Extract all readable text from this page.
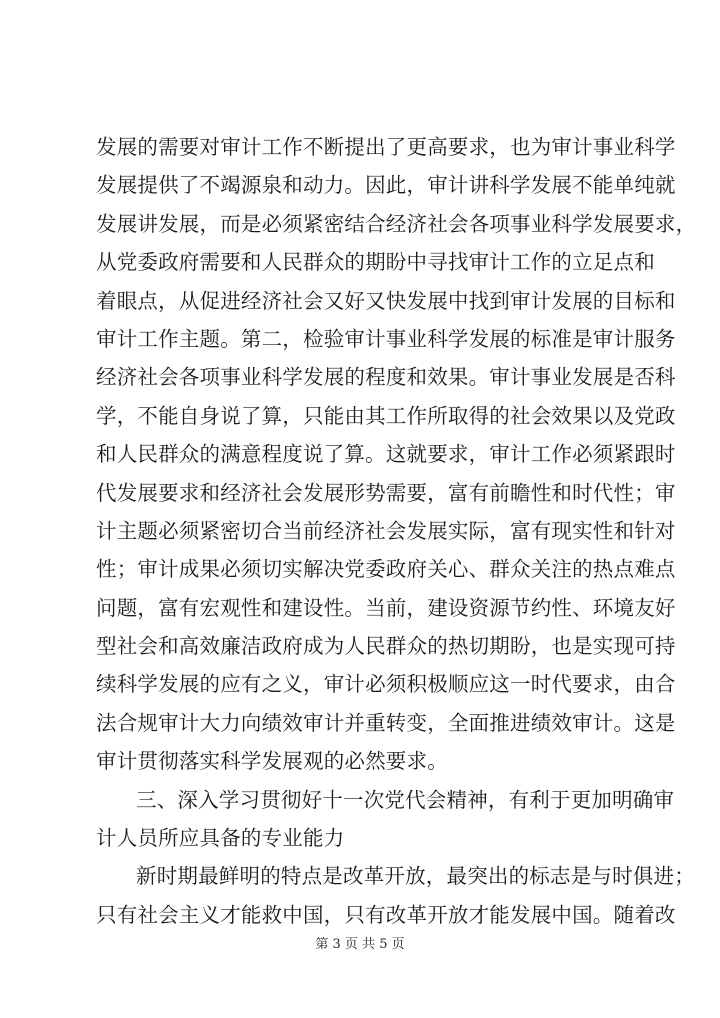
发展的需要对审计工作不断提出了更高要求，也为审计事业科学
发展提供了不竭源泉和动力。因此，审计讲科学发展不能单纯就
发展讲发展，而是必须紧密结合经济社会各项事业科学发展要求，
从党委政府需要和人民群众的期盼中寻找审计工作的立足点和
着眼点，从促进经济社会又好又快发展中找到审计发展的目标和
审计工作主题。第二，检验审计事业科学发展的标准是审计服务
经济社会各项事业科学发展的程度和效果。审计事业发展是否科
学，不能自身说了算，只能由其工作所取得的社会效果以及党政
和人民群众的满意程度说了算。这就要求，审计工作必须紧跟时
代发展要求和经济社会发展形势需要，富有前瞻性和时代性；审
计主题必须紧密切合当前经济社会发展实际，富有现实性和针对
性；审计成果必须切实解决党委政府关心、群众关注的热点难点
问题，富有宏观性和建设性。当前，建设资源节约性、环境友好
型社会和高效廉洁政府成为人民群众的热切期盼，也是实现可持
续科学发展的应有之义，审计必须积极顺应这一时代要求，由合
法合规审计大力向绩效审计并重转变，全面推进绩效审计。这是
审计贯彻落实科学发展观的必然要求。
三、深入学习贯彻好十一次党代会精神，有利于更加明确审
计人员所应具备的专业能力
新时期最鲜明的特点是改革开放，最突出的标志是与时俱进；
只有社会主义才能救中国，只有改革开放才能发展中国。随着改
第 3 页 共 5 页
